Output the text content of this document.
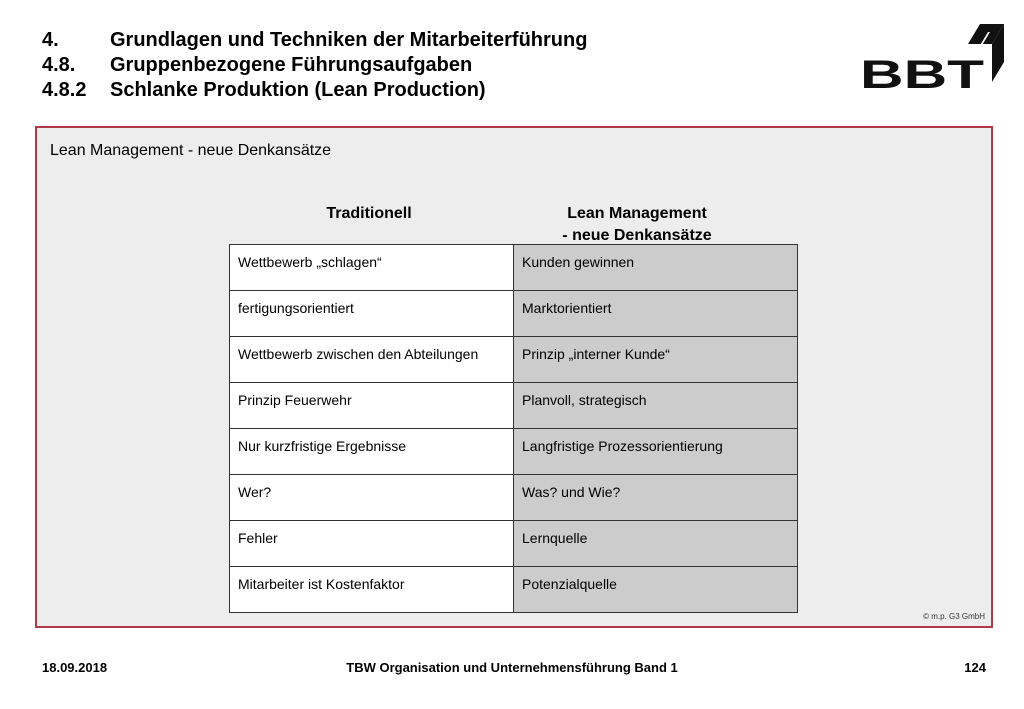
4.	Grundlagen und Techniken der Mitarbeiterführung
4.8.	Gruppenbezogene Führungsaufgaben
4.8.2	Schlanke Produktion (Lean Production)	BBT
Lean Management - neue Denkansätze
Traditionell	Lean Management
- neue Denkansätze
Wettbewerb „schlagen“	Kunden gewinnen
fertigungsorientiert	Marktorientiert
Wettbewerb zwischen den Abteilungen	Prinzip „interner Kunde“
Prinzip Feuerwehr	Planvoll, strategisch
Nur kurzfristige Ergebnisse	Langfristige Prozessorientierung
Wer?	Was? und Wie?
Fehler	Lernquelle
Mitarbeiter ist Kostenfaktor	Potenzialquelle
© m.p. G3 GmbH
18.09.2018	TBW Organisation und Unternehmensführung Band 1	124
